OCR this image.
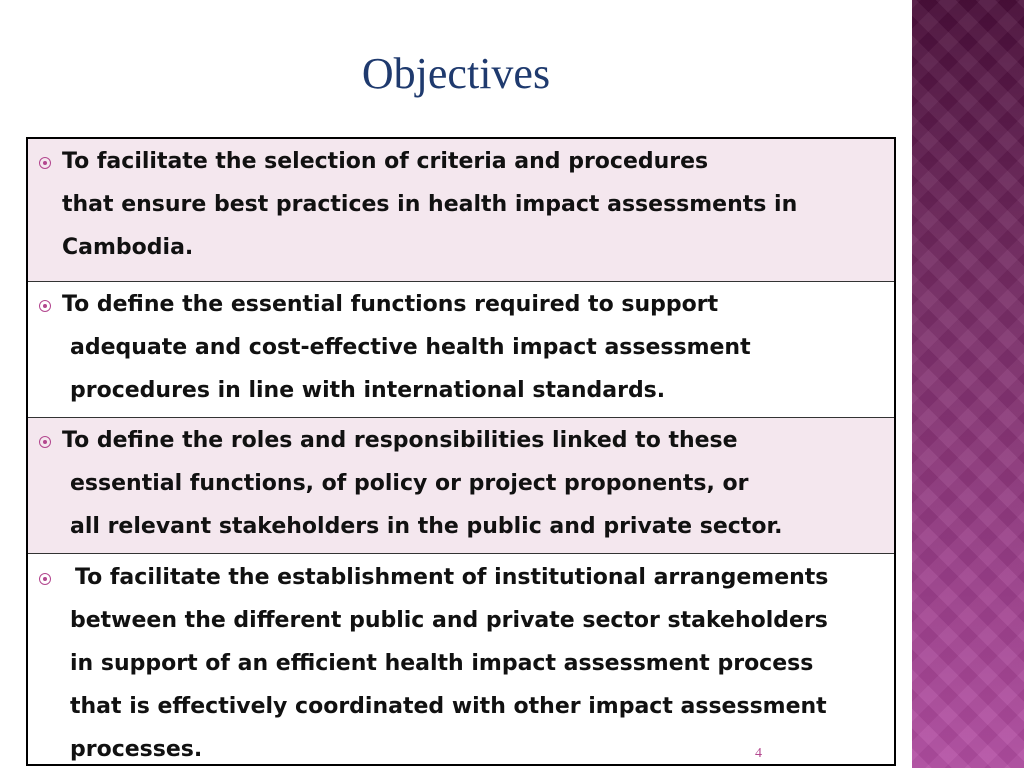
Objectives
To facilitate the selection of criteria and procedures
that ensure best practices in health impact assessments in
Cambodia.
To define the essential functions required to support
adequate and cost-effective health impact assessment
procedures in line with international standards.
To define the roles and responsibilities linked to these
essential functions, of policy or project proponents, or
all relevant stakeholders in the public and private sector.
To facilitate the establishment of institutional arrangements
between the different public and private sector stakeholders
in support of an efficient health impact assessment process
that is effectively coordinated with other impact assessment
processes.	4
